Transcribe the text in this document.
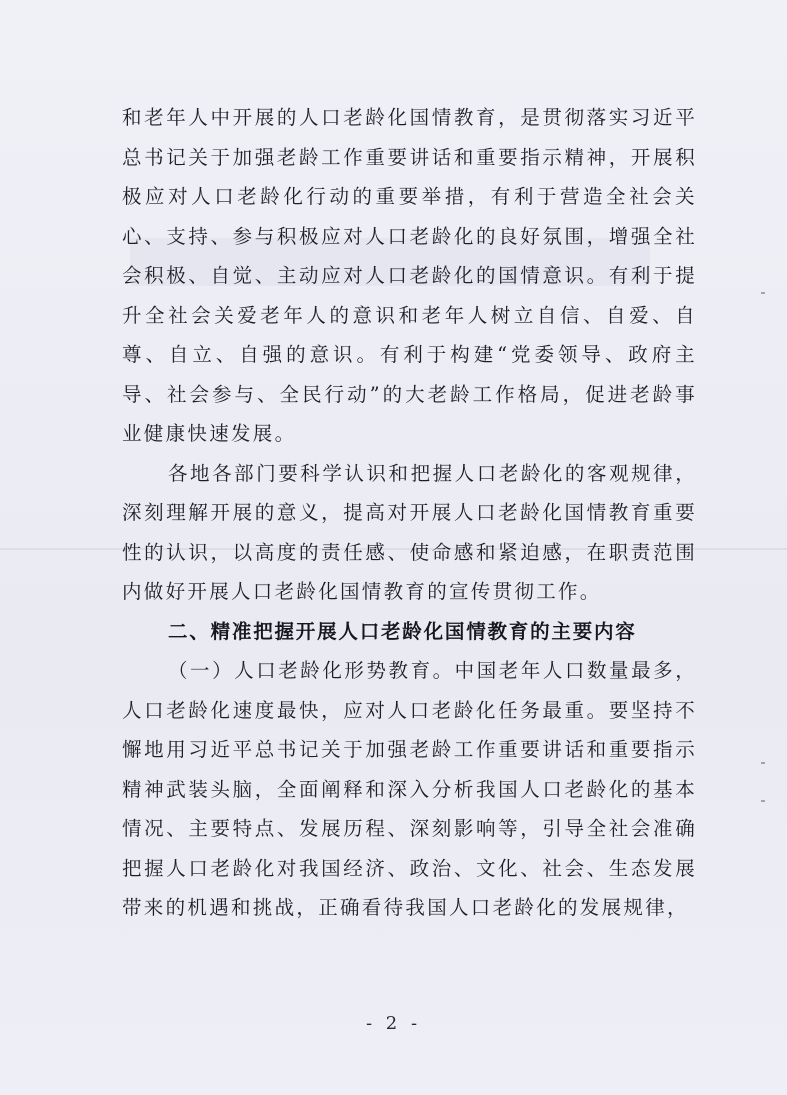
和老年人中开展的人口老龄化国情教育，是贯彻落实习近平总书记关于加强老龄工作重要讲话和重要指示精神，开展积极应对人口老龄化行动的重要举措，有利于营造全社会关心、支持、参与积极应对人口老龄化的良好氛围，增强全社会积极、自觉、主动应对人口老龄化的国情意识。有利于提升全社会关爱老年人的意识和老年人树立自信、自爱、自尊、自立、自强的意识。有利于构建“党委领导、政府主导、社会参与、全民行动”的大老龄工作格局，促进老龄事业健康快速发展。

各地各部门要科学认识和把握人口老龄化的客观规律，深刻理解开展的意义，提高对开展人口老龄化国情教育重要性的认识，以高度的责任感、使命感和紧迫感，在职责范围内做好开展人口老龄化国情教育的宣传贯彻工作。

二、精准把握开展人口老龄化国情教育的主要内容

（一）人口老龄化形势教育。中国老年人口数量最多，人口老龄化速度最快，应对人口老龄化任务最重。要坚持不懈地用习近平总书记关于加强老龄工作重要讲话和重要指示精神武装头脑，全面阐释和深入分析我国人口老龄化的基本情况、主要特点、发展历程、深刻影响等，引导全社会准确把握人口老龄化对我国经济、政治、文化、社会、生态发展带来的机遇和挑战，正确看待我国人口老龄化的发展规律，

- 2 -
